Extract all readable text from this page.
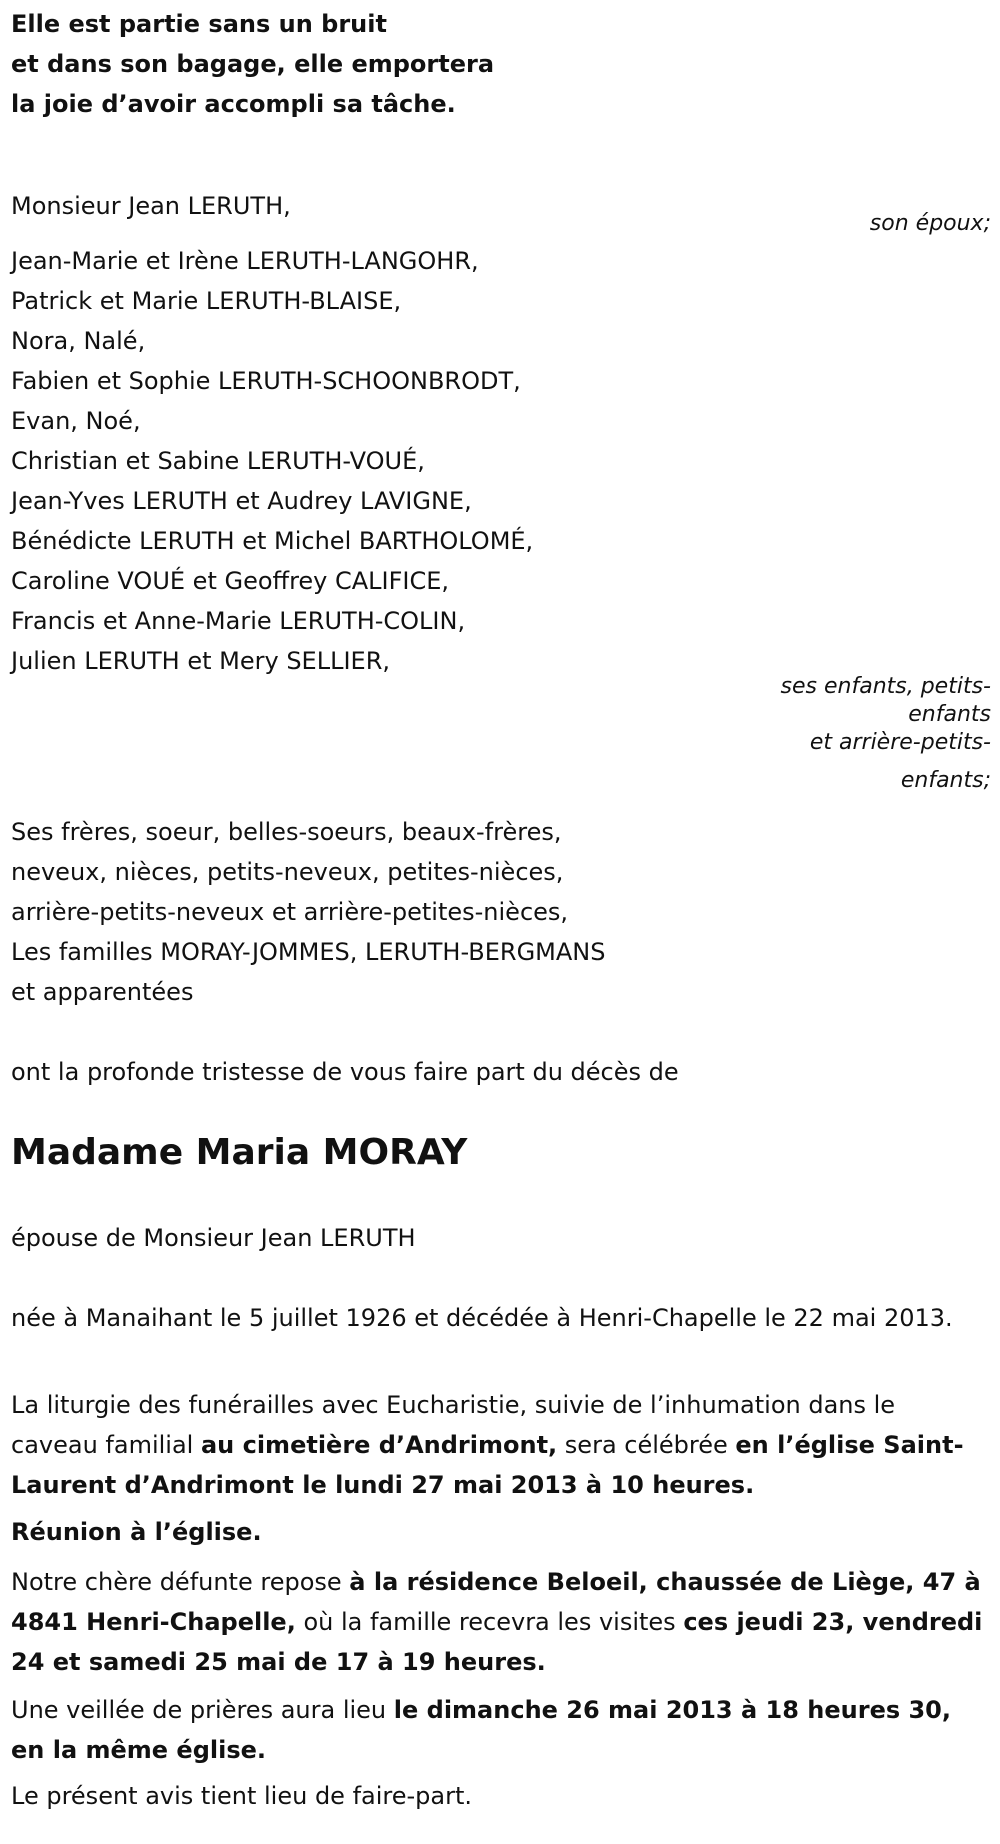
Elle est partie sans un bruit

et dans son bagage, elle emportera

la joie d’avoir accompli sa tâche.

Monsieur Jean LERUTH,

son époux;

Jean-Marie et Irène LERUTH-LANGOHR,

Patrick et Marie LERUTH-BLAISE,

Nora, Nalé,

Fabien et Sophie LERUTH-SCHOONBRODT,

Evan, Noé,

Christian et Sabine LERUTH-VOUÉ,

Jean-Yves LERUTH et Audrey LAVIGNE,

Bénédicte LERUTH et Michel BARTHOLOMÉ,

Caroline VOUÉ et Geoffrey CALIFICE,

Francis et Anne-Marie LERUTH-COLIN,

Julien LERUTH et Mery SELLIER,

ses enfants, petits-
enfants
et arrière-petits-
enfants;

Ses frères, soeur, belles-soeurs, beaux-frères,

neveux, nièces, petits-neveux, petites-nièces,

arrière-petits-neveux et arrière-petites-nièces,

Les familles MORAY-JOMMES, LERUTH-BERGMANS

et apparentées

ont la profonde tristesse de vous faire part du décès de

Madame Maria MORAY

épouse de Monsieur Jean LERUTH

née à Manaihant le 5 juillet 1926 et décédée à Henri-Chapelle le 22 mai 2013.

La liturgie des funérailles avec Eucharistie, suivie de l’inhumation dans le caveau familial au cimetière d’Andrimont, sera célébrée en l’église Saint-Laurent d’Andrimont le lundi 27 mai 2013 à 10 heures.

Réunion à l’église.

Notre chère défunte repose à la résidence Beloeil, chaussée de Liège, 47 à 4841 Henri-Chapelle, où la famille recevra les visites ces jeudi 23, vendredi 24 et samedi 25 mai de 17 à 19 heures.

Une veillée de prières aura lieu le dimanche 26 mai 2013 à 18 heures 30, en la même église.

Le présent avis tient lieu de faire-part.
